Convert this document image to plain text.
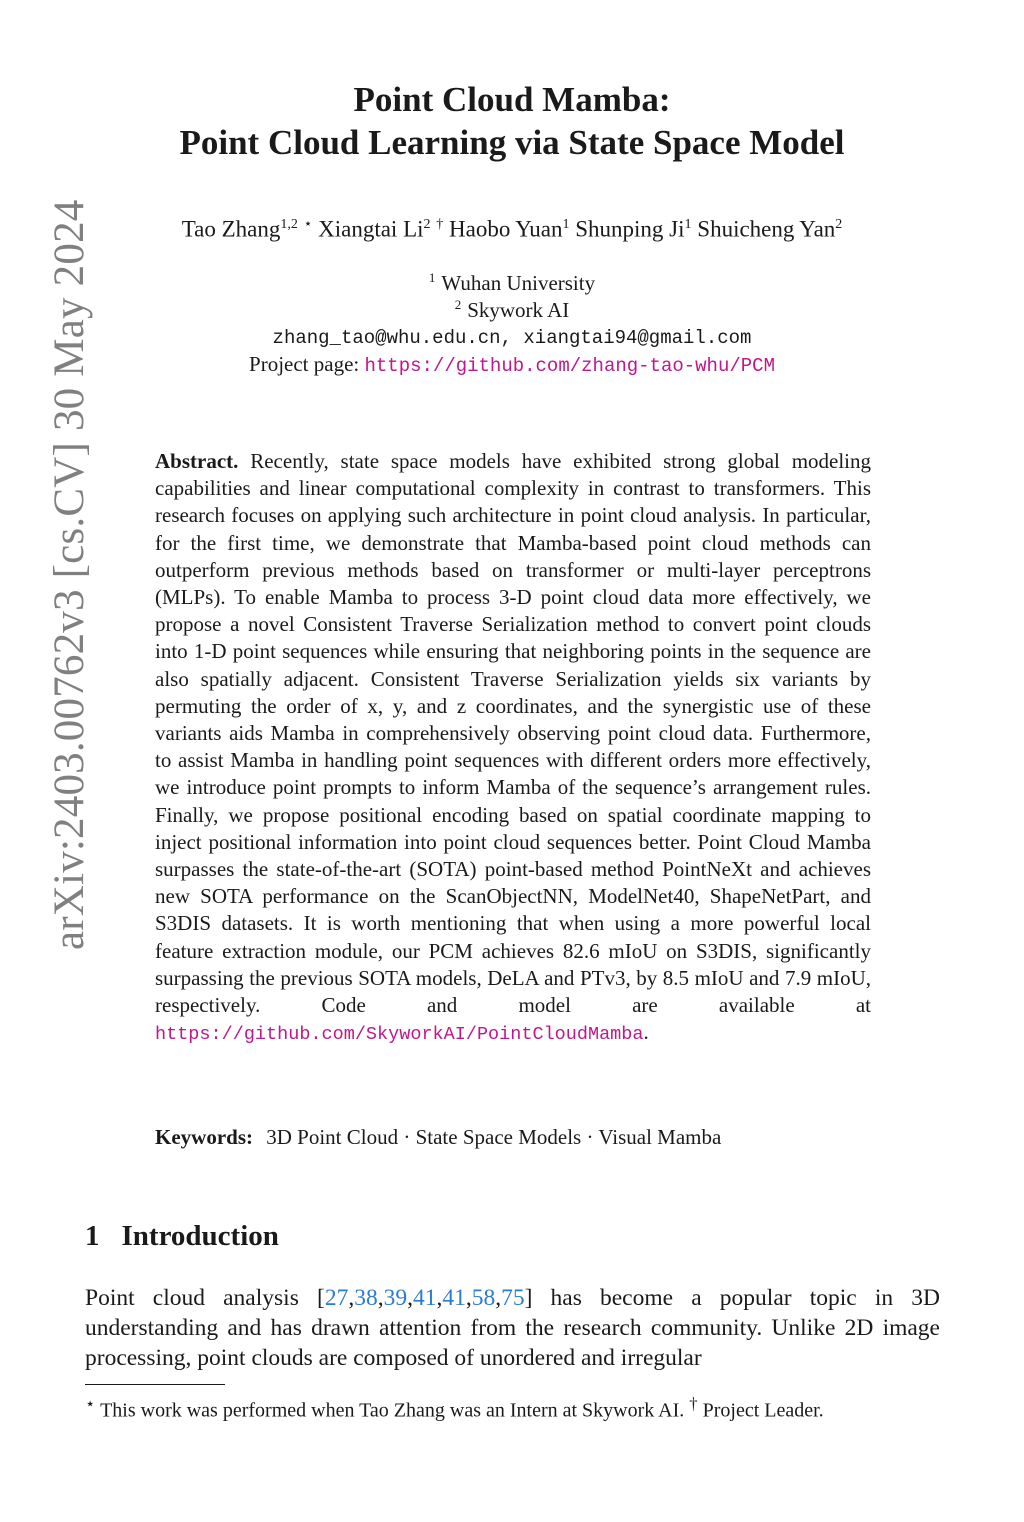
arXiv:2403.00762v3 [cs.CV] 30 May 2024
Point Cloud Mamba:
Point Cloud Learning via State Space Model
Tao Zhang$^{1,2}$ ⋆ Xiangtai Li$^2$ † Haobo Yuan$^1$ Shunping Ji$^1$ Shuicheng Yan$^2$
$^1$ Wuhan University
$^2$ Skywork AI
zhang_tao@whu.edu.cn, xiangtai94@gmail.com
Project page: https://github.com/zhang-tao-whu/PCM
Abstract. Recently, state space models have exhibited strong global modeling capabilities and linear computational complexity in contrast to transformers. This research focuses on applying such architecture in point cloud analysis. In particular, for the first time, we demonstrate that Mamba-based point cloud methods can outperform previous methods based on transformer or multi-layer perceptrons (MLPs). To enable Mamba to process 3-D point cloud data more effectively, we propose a novel Consistent Traverse Serialization method to convert point clouds into 1-D point sequences while ensuring that neighboring points in the sequence are also spatially adjacent. Consistent Traverse Serialization yields six variants by permuting the order of x, y, and z coordinates, and the synergistic use of these variants aids Mamba in comprehensively observing point cloud data. Furthermore, to assist Mamba in handling point sequences with different orders more effectively, we introduce point prompts to inform Mamba of the sequence’s arrangement rules. Finally, we propose positional encoding based on spatial coordinate mapping to inject positional information into point cloud sequences better. Point Cloud Mamba surpasses the state-of-the-art (SOTA) point-based method PointNeXt and achieves new SOTA performance on the ScanObjectNN, ModelNet40, ShapeNetPart, and S3DIS datasets. It is worth mentioning that when using a more powerful local feature extraction module, our PCM achieves 82.6 mIoU on S3DIS, significantly surpassing the previous SOTA models, DeLA and PTv3, by 8.5 mIoU and 7.9 mIoU, respectively. Code and model are available at https://github.com/SkyworkAI/PointCloudMamba.
Keywords: 3D Point Cloud · State Space Models · Visual Mamba
1 Introduction
Point cloud analysis [27,38,39,41,41,58,75] has become a popular topic in 3D understanding and has drawn attention from the research community. Unlike 2D image processing, point clouds are composed of unordered and irregular
⋆ This work was performed when Tao Zhang was an Intern at Skywork AI. † Project Leader.
